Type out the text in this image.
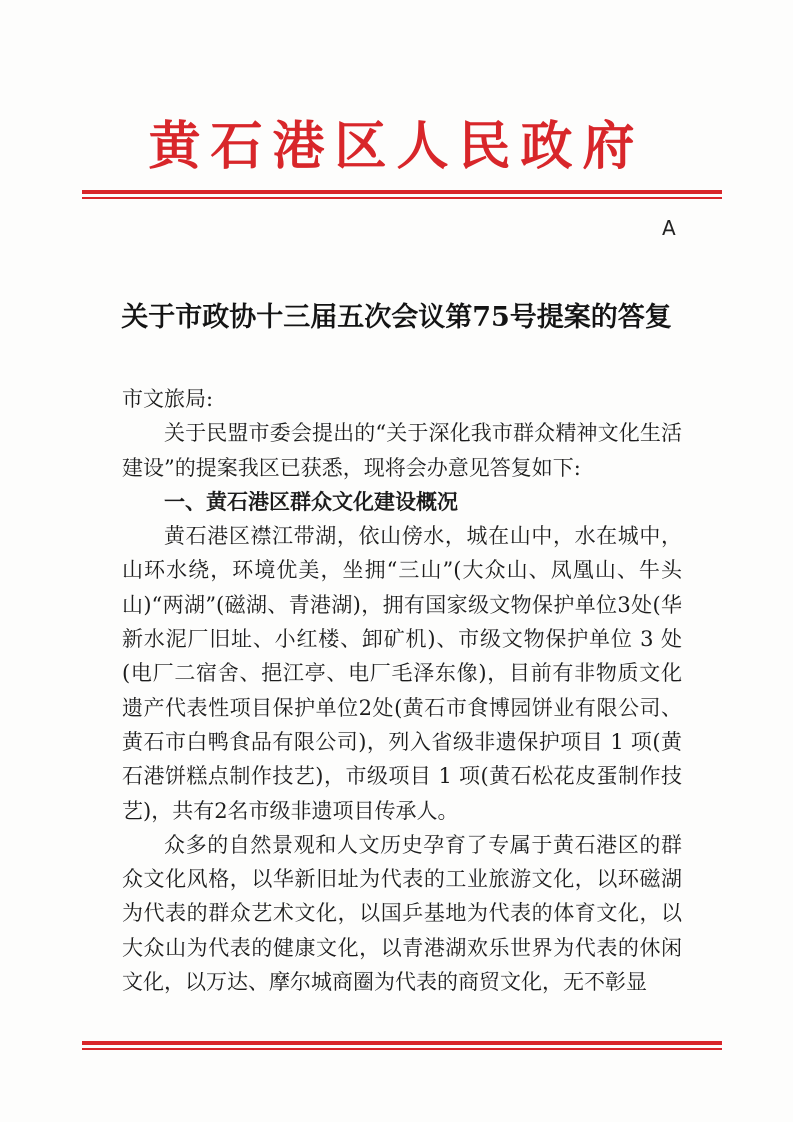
黄石港区人民政府
A
关于市政协十三届五次会议第75号提案的答复

市文旅局:

关于民盟市委会提出的“关于深化我市群众精神文化生活建设”的提案我区已获悉，现将会办意见答复如下:

一、黄石港区群众文化建设概况

黄石港区襟江带湖，依山傍水，城在山中，水在城中，山环水绕，环境优美，坐拥“三山”(大众山、凤凰山、牛头山)“两湖”(磁湖、青港湖)，拥有国家级文物保护单位3处(华新水泥厂旧址、小红楼、卸矿机)、市级文物保护单位 3 处(电厂二宿舍、挹江亭、电厂毛泽东像)，目前有非物质文化遗产代表性项目保护单位2处(黄石市食博园饼业有限公司、黄石市白鸭食品有限公司)，列入省级非遗保护项目 1 项(黄石港饼糕点制作技艺)，市级项目 1 项(黄石松花皮蛋制作技艺)，共有2名市级非遗项目传承人。

众多的自然景观和人文历史孕育了专属于黄石港区的群众文化风格，以华新旧址为代表的工业旅游文化，以环磁湖为代表的群众艺术文化，以国乒基地为代表的体育文化，以大众山为代表的健康文化，以青港湖欢乐世界为代表的休闲文化，以万达、摩尔城商圈为代表的商贸文化，无不彰显
